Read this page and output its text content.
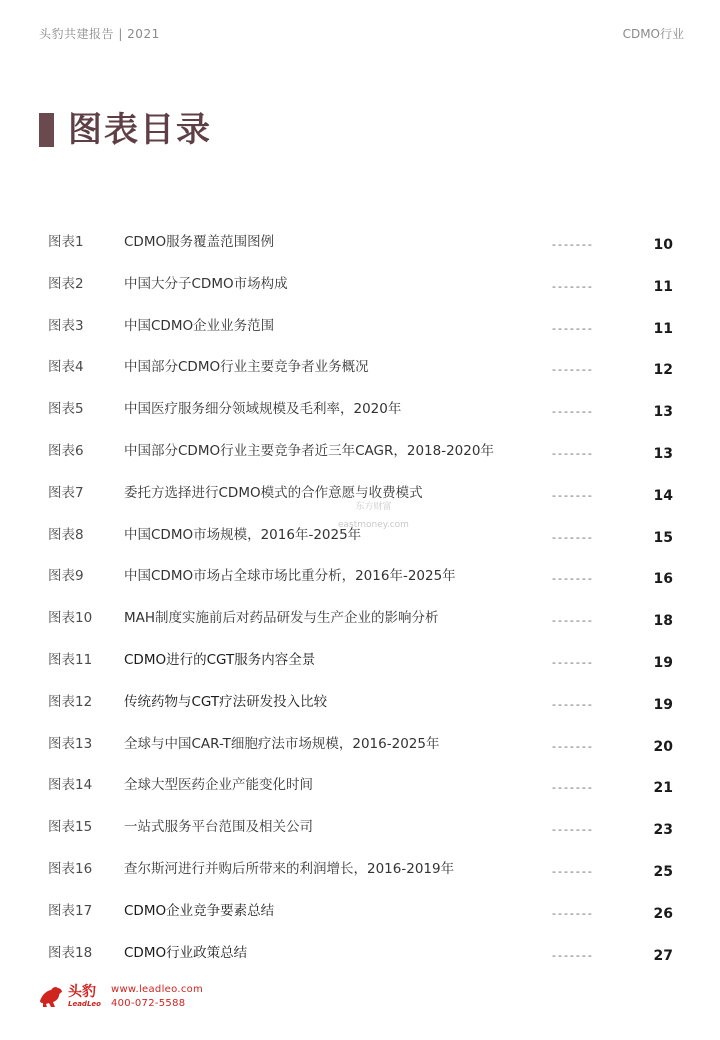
头豹共建报告 | 2021	CDMO行业
图表目录
图表1	CDMO服务覆盖范围图例	-------	10
图表2	中国大分子CDMO市场构成	-------	11
图表3	中国CDMO企业业务范围	-------	11
图表4	中国部分CDMO行业主要竞争者业务概况	-------	12
图表5	中国医疗服务细分领域规模及毛利率，2020年	-------	13
图表6	中国部分CDMO行业主要竞争者近三年CAGR，2018-2020年	-------	13
图表7	委托方选择进行CDMO模式的合作意愿与收费模式	-------	14
图表8	中国CDMO市场规模，2016年-2025年	-------	15
图表9	中国CDMO市场占全球市场比重分析，2016年-2025年	-------	16
图表10 MAH制度实施前后对药品研发与生产企业的影响分析	-------	18
图表11 CDMO进行的CGT服务内容全景	-------	19
图表12 传统药物与CGT疗法研发投入比较	-------	19
图表13 全球与中国CAR-T细胞疗法市场规模，2016-2025年	-------	20
图表14 全球大型医药企业产能变化时间	-------	21
图表15 一站式服务平台范围及相关公司	-------	23
图表16 查尔斯河进行并购后所带来的利润增长，2016-2019年	-------	25
图表17 CDMO企业竞争要素总结	-------	26
图表18 CDMO行业政策总结	-------	27
东方财富
eastmoney.com
头豹
LeadLeo
www.leadleo.com
400-072-5588
